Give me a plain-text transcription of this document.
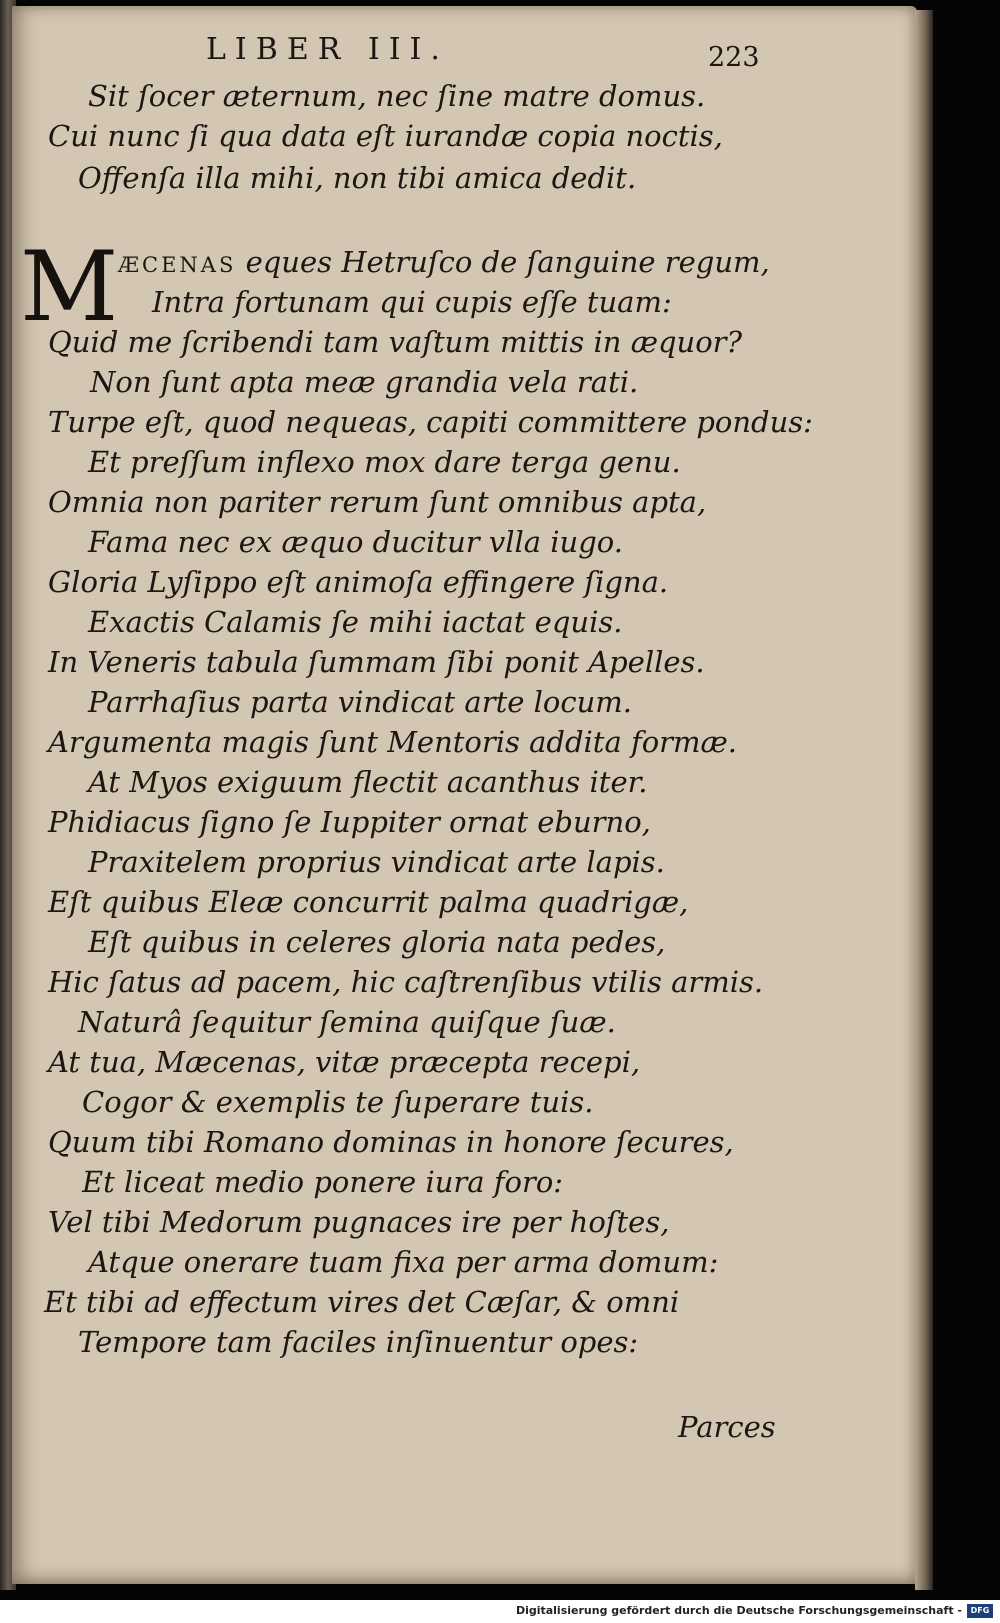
LIBER III.	223

Sit ſocer æternum, nec ſine matre domus.

Cui nunc ſi qua data eſt iurandæ copia noctis,

Offenſa illa mihi, non tibi amica dedit.

M ÆCENAS eques Hetruſco de ſanguine regum,

Intra fortunam qui cupis eſſe tuam:

Quid me ſcribendi tam vaſtum mittis in æquor?

Non ſunt apta meæ grandia vela rati.

Turpe eſt, quod nequeas, capiti committere pondus:

Et preſſum inflexo mox dare terga genu.

Omnia non pariter rerum ſunt omnibus apta,

Fama nec ex æquo ducitur vlla iugo.

Gloria Lyſippo eſt animoſa effingere ſigna.

Exactis Calamis ſe mihi iactat equis.

In Veneris tabula ſummam ſibi ponit Apelles.

Parrhaſius parta vindicat arte locum.

Argumenta magis ſunt Mentoris addita formæ.

At Myos exiguum flectit acanthus iter.

Phidiacus ſigno ſe Iuppiter ornat eburno,

Praxitelem proprius vindicat arte lapis.

Eſt quibus Eleæ concurrit palma quadrigæ,

Eſt quibus in celeres gloria nata pedes,

Hic ſatus ad pacem, hic caſtrenſibus vtilis armis.

Naturâ ſequitur ſemina quiſque ſuæ.

At tua, Mæcenas, vitæ præcepta recepi,

Cogor & exemplis te ſuperare tuis.

Quum tibi Romano dominas in honore ſecures,

Et liceat medio ponere iura foro:

Vel tibi Medorum pugnaces ire per hoſtes,

Atque onerare tuam fixa per arma domum:

Et tibi ad effectum vires det Cæſar, & omni

Tempore tam faciles inſinuentur opes:

Parces

Digitalisierung gefördert durch die Deutsche Forschungsgemeinschaft -	DFG
